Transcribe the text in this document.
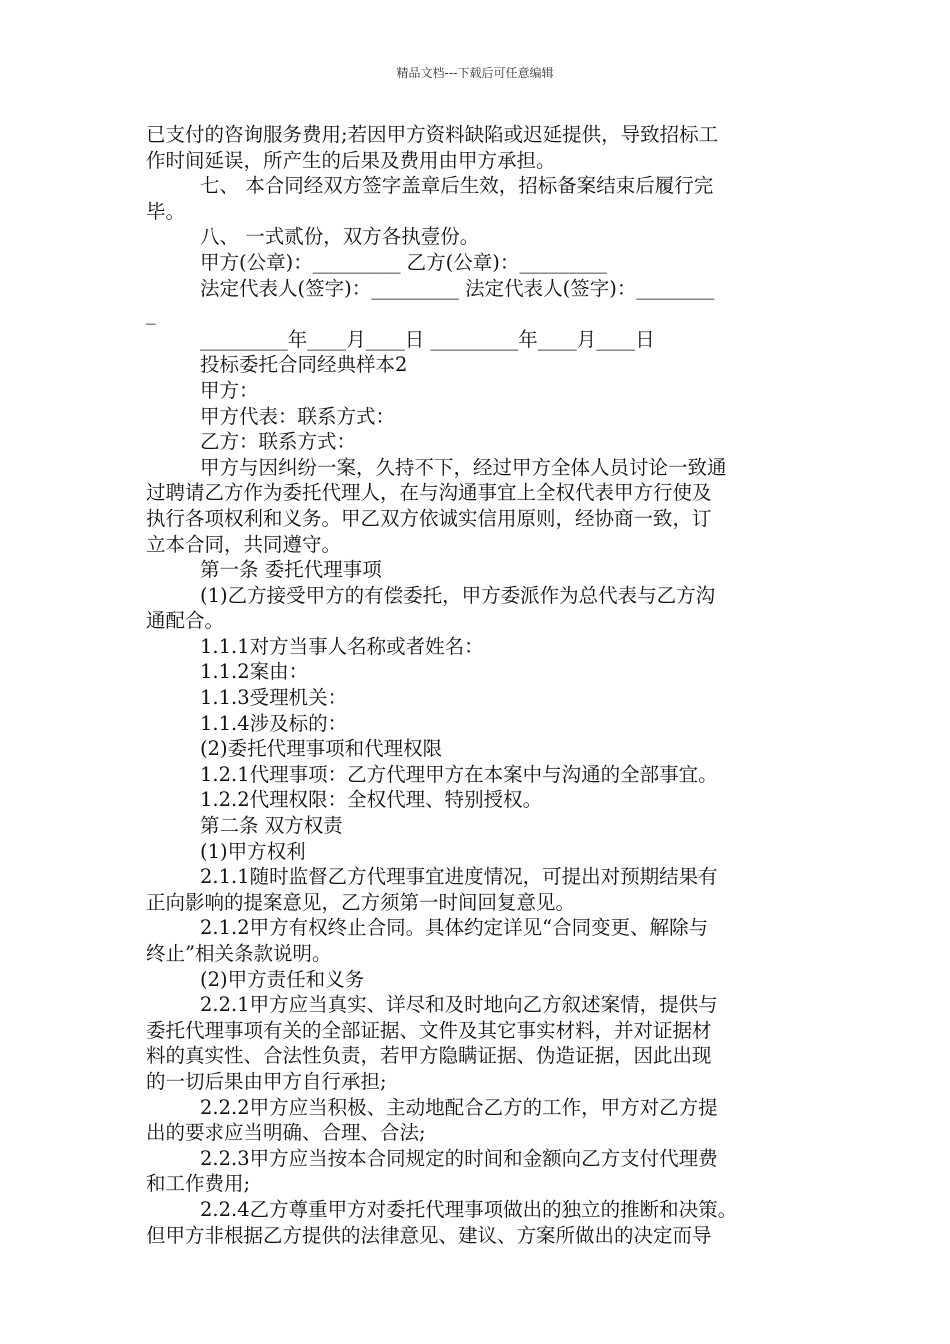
精品文档---下载后可任意编辑
已支付的咨询服务费用;若因甲方资料缺陷或迟延提供，导致招标工
作时间延误，所产生的后果及费用由甲方承担。
七、 本合同经双方签字盖章后生效，招标备案结束后履行完
毕。
八、 一式贰份，双方各执壹份。
甲方(公章)：_________ 乙方(公章)：_________
法定代表人(签字)：_________ 法定代表人(签字)：________
_
_________年____月____日 _________年____月____日
投标委托合同经典样本2
甲方：
甲方代表：联系方式：
乙方：联系方式：
甲方与因纠纷一案，久持不下，经过甲方全体人员讨论一致通
过聘请乙方作为委托代理人，在与沟通事宜上全权代表甲方行使及
执行各项权利和义务。甲乙双方依诚实信用原则，经协商一致，订
立本合同，共同遵守。
第一条 委托代理事项
(1)乙方接受甲方的有偿委托，甲方委派作为总代表与乙方沟
通配合。
1.1.1对方当事人名称或者姓名：
1.1.2案由：
1.1.3受理机关：
1.1.4涉及标的：
(2)委托代理事项和代理权限
1.2.1代理事项：乙方代理甲方在本案中与沟通的全部事宜。
1.2.2代理权限：全权代理、特别授权。
第二条 双方权责
(1)甲方权利
2.1.1随时监督乙方代理事宜进度情况，可提出对预期结果有
正向影响的提案意见，乙方须第一时间回复意见。
2.1.2甲方有权终止合同。具体约定详见“合同变更、解除与
终止”相关条款说明。
(2)甲方责任和义务
2.2.1甲方应当真实、详尽和及时地向乙方叙述案情，提供与
委托代理事项有关的全部证据、文件及其它事实材料，并对证据材
料的真实性、合法性负责，若甲方隐瞒证据、伪造证据，因此出现
的一切后果由甲方自行承担;
2.2.2甲方应当积极、主动地配合乙方的工作，甲方对乙方提
出的要求应当明确、合理、合法;
2.2.3甲方应当按本合同规定的时间和金额向乙方支付代理费
和工作费用;
2.2.4乙方尊重甲方对委托代理事项做出的独立的推断和决策。
但甲方非根据乙方提供的法律意见、建议、方案所做出的决定而导
